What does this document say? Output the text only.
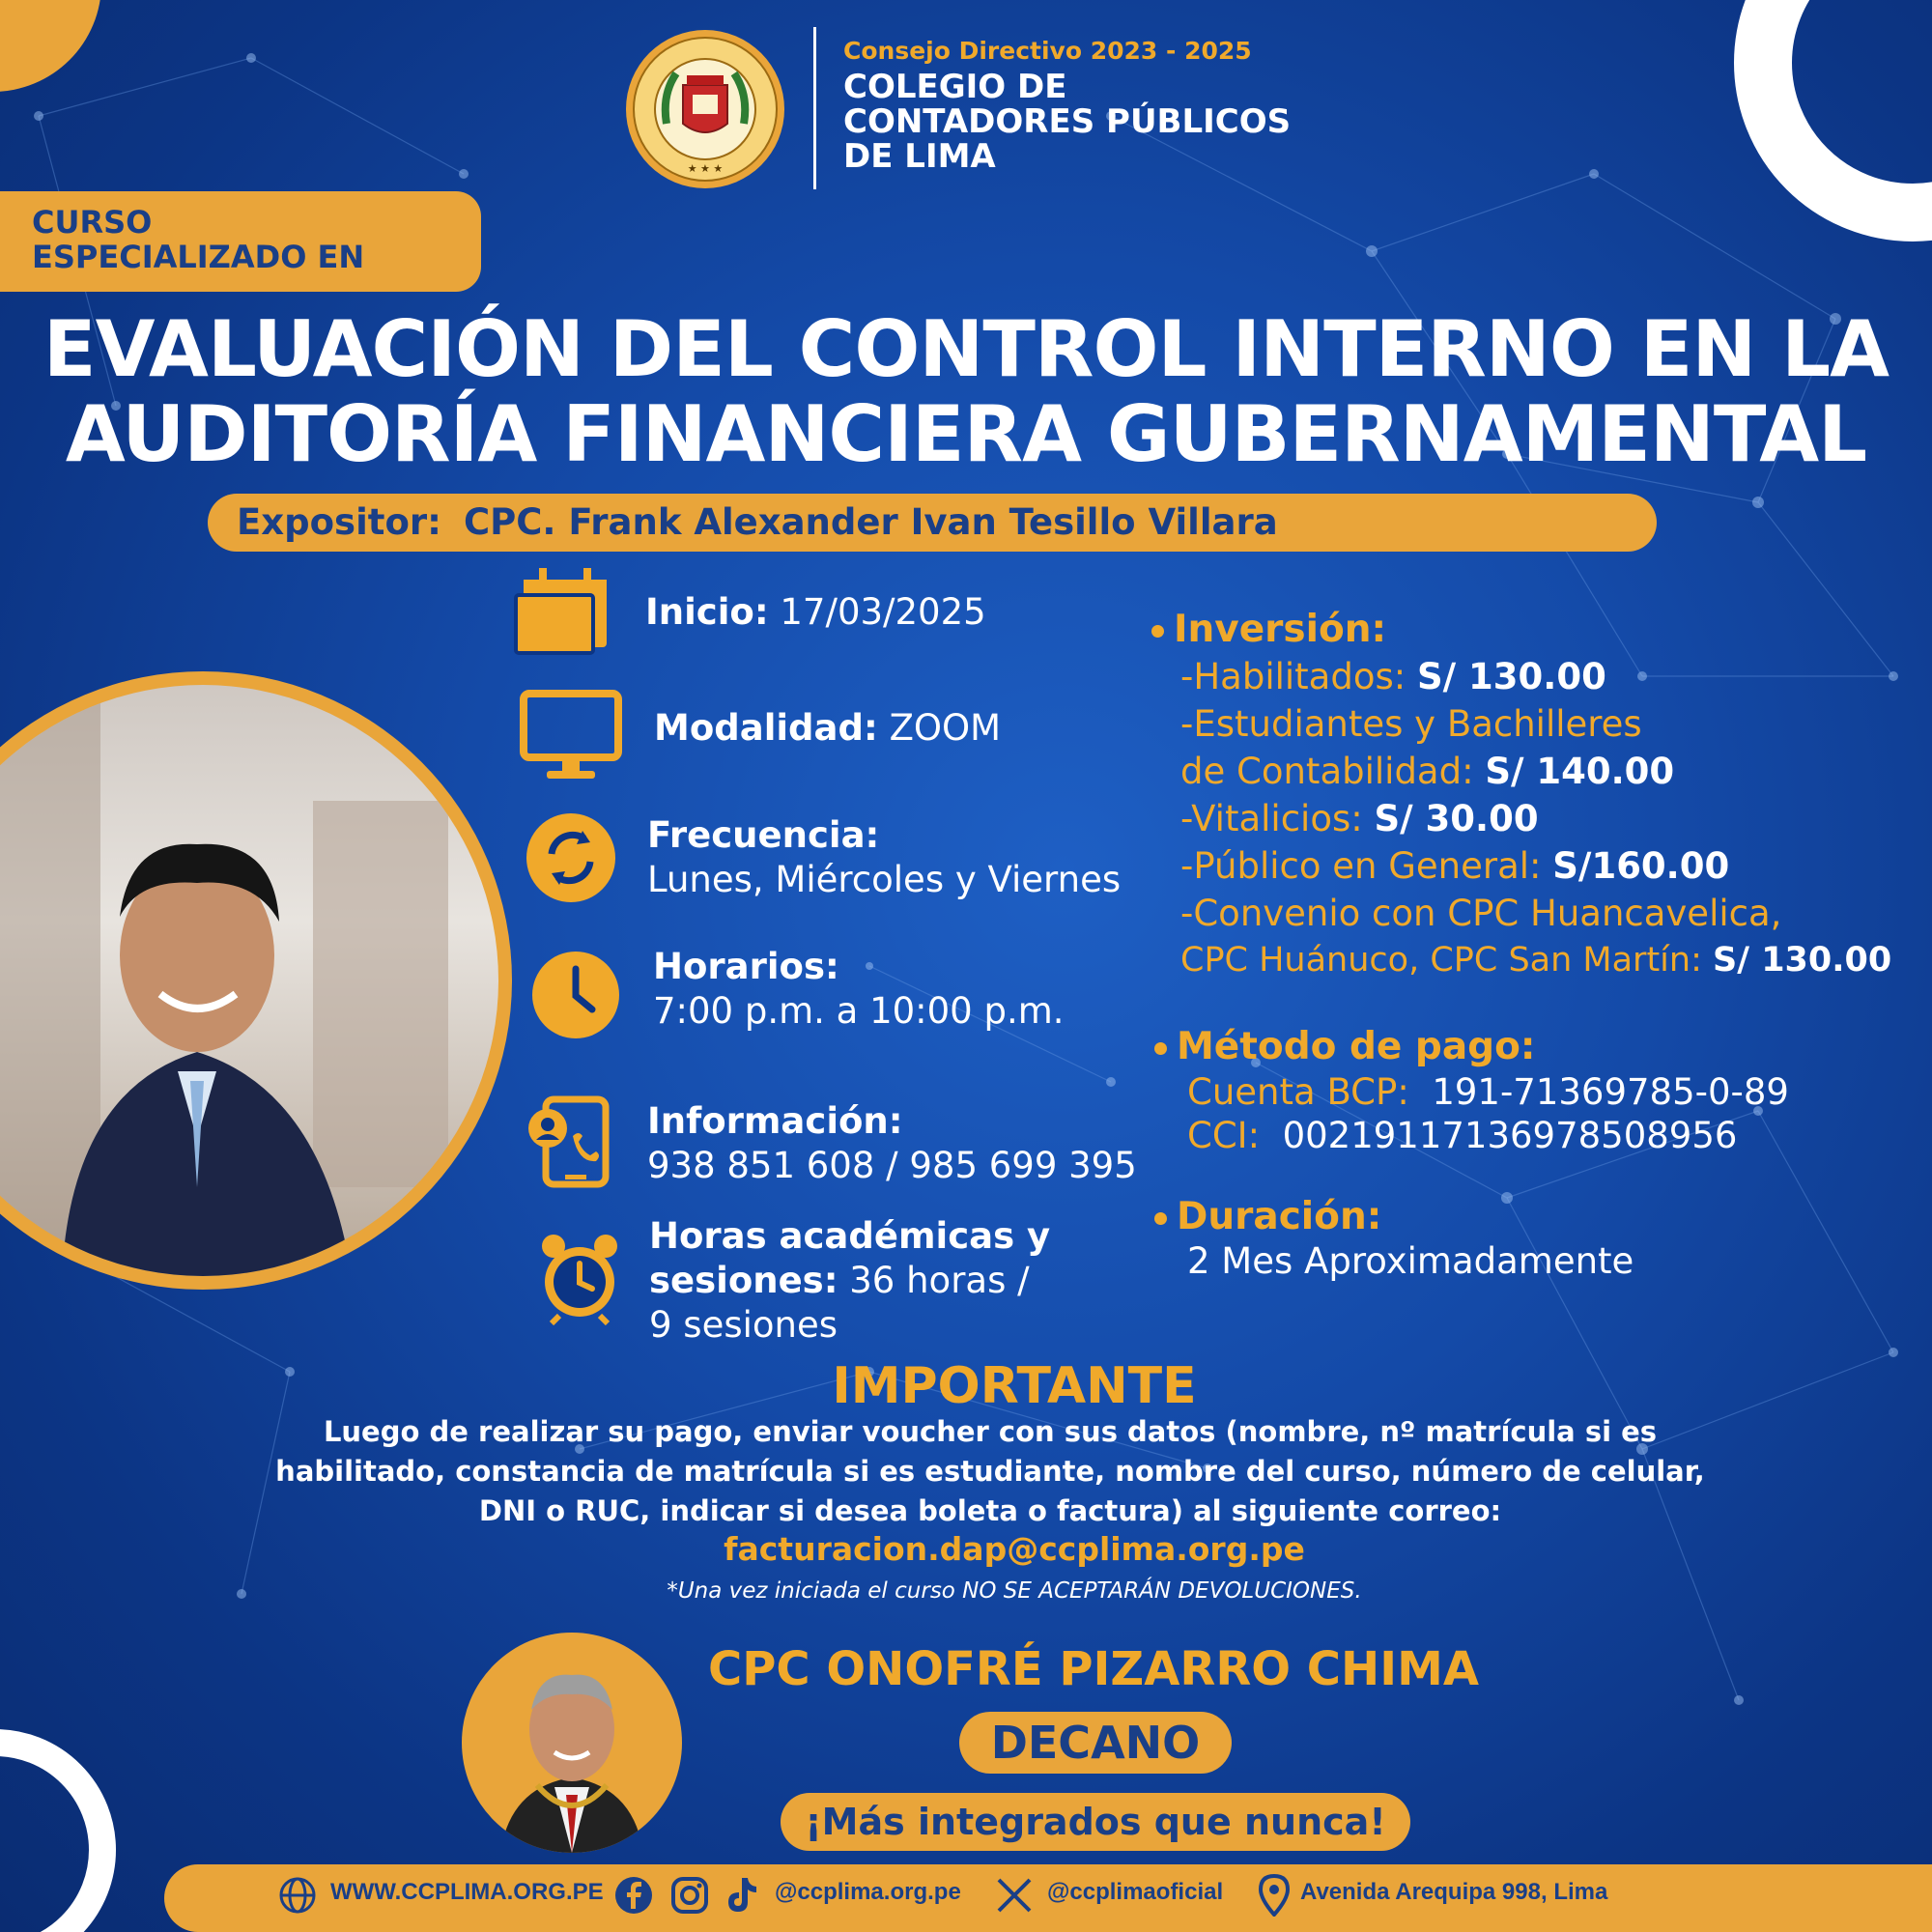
★ ★ ★
Consejo Directivo 2023 - 2025
COLEGIO DE
CONTADORES PÚBLICOS
DE LIMA
CURSO
ESPECIALIZADO EN
EVALUACIÓN DEL CONTROL INTERNO EN LA
AUDITORÍA FINANCIERA GUBERNAMENTAL
Expositor: CPC. Frank Alexander Ivan Tesillo Villara
Inicio: 17/03/2025
Modalidad: ZOOM
Frecuencia:
Lunes, Miércoles y Viernes
Horarios:
7:00 p.m. a 10:00 p.m.
Información:
938 851 608 / 985 699 395
Horas académicas y
sesiones: 36 horas /
9 sesiones
Inversión:
-Habilitados: S/ 130.00
-Estudiantes y Bachilleres
de Contabilidad: S/ 140.00
-Vitalicios: S/ 30.00
-Público en General: S/160.00
-Convenio con CPC Huancavelica,
CPC Huánuco, CPC San Martín: S/ 130.00
Método de pago:
Cuenta BCP: 191-71369785-0-89
CCI: 00219117136978508956
Duración:
2 Mes Aproximadamente
IMPORTANTE
Luego de realizar su pago, enviar voucher con sus datos (nombre, nº matrícula si es
habilitado, constancia de matrícula si es estudiante, nombre del curso, número de celular,
DNI o RUC, indicar si desea boleta o factura) al siguiente correo:
facturacion.dap@ccplima.org.pe
*Una vez iniciada el curso NO SE ACEPTARÁN DEVOLUCIONES.
CPC ONOFRÉ PIZARRO CHIMA
DECANO
¡Más integrados que nunca!
WWW.CCPLIMA.ORG.PE	@ccplima.org.pe	@ccplimaoficial	Avenida Arequipa 998, Lima
